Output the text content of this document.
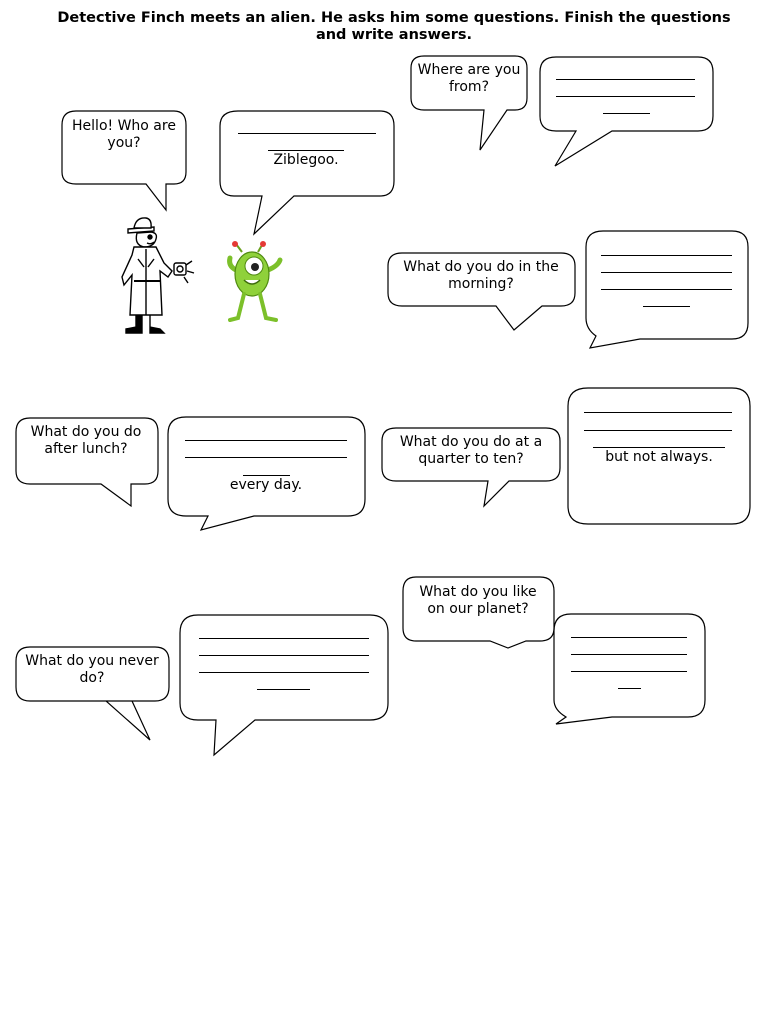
Detective Finch meets an alien. He asks him some questions. Finish the questions and write answers.
Hello! Who are you?
Where are you from?
What do you do in the morning?
What do you do after lunch?	What do you do at a quarter to ten?
What do you never do?
What do you like on our planet?
Ziblegoo.
every day.
but not always.
